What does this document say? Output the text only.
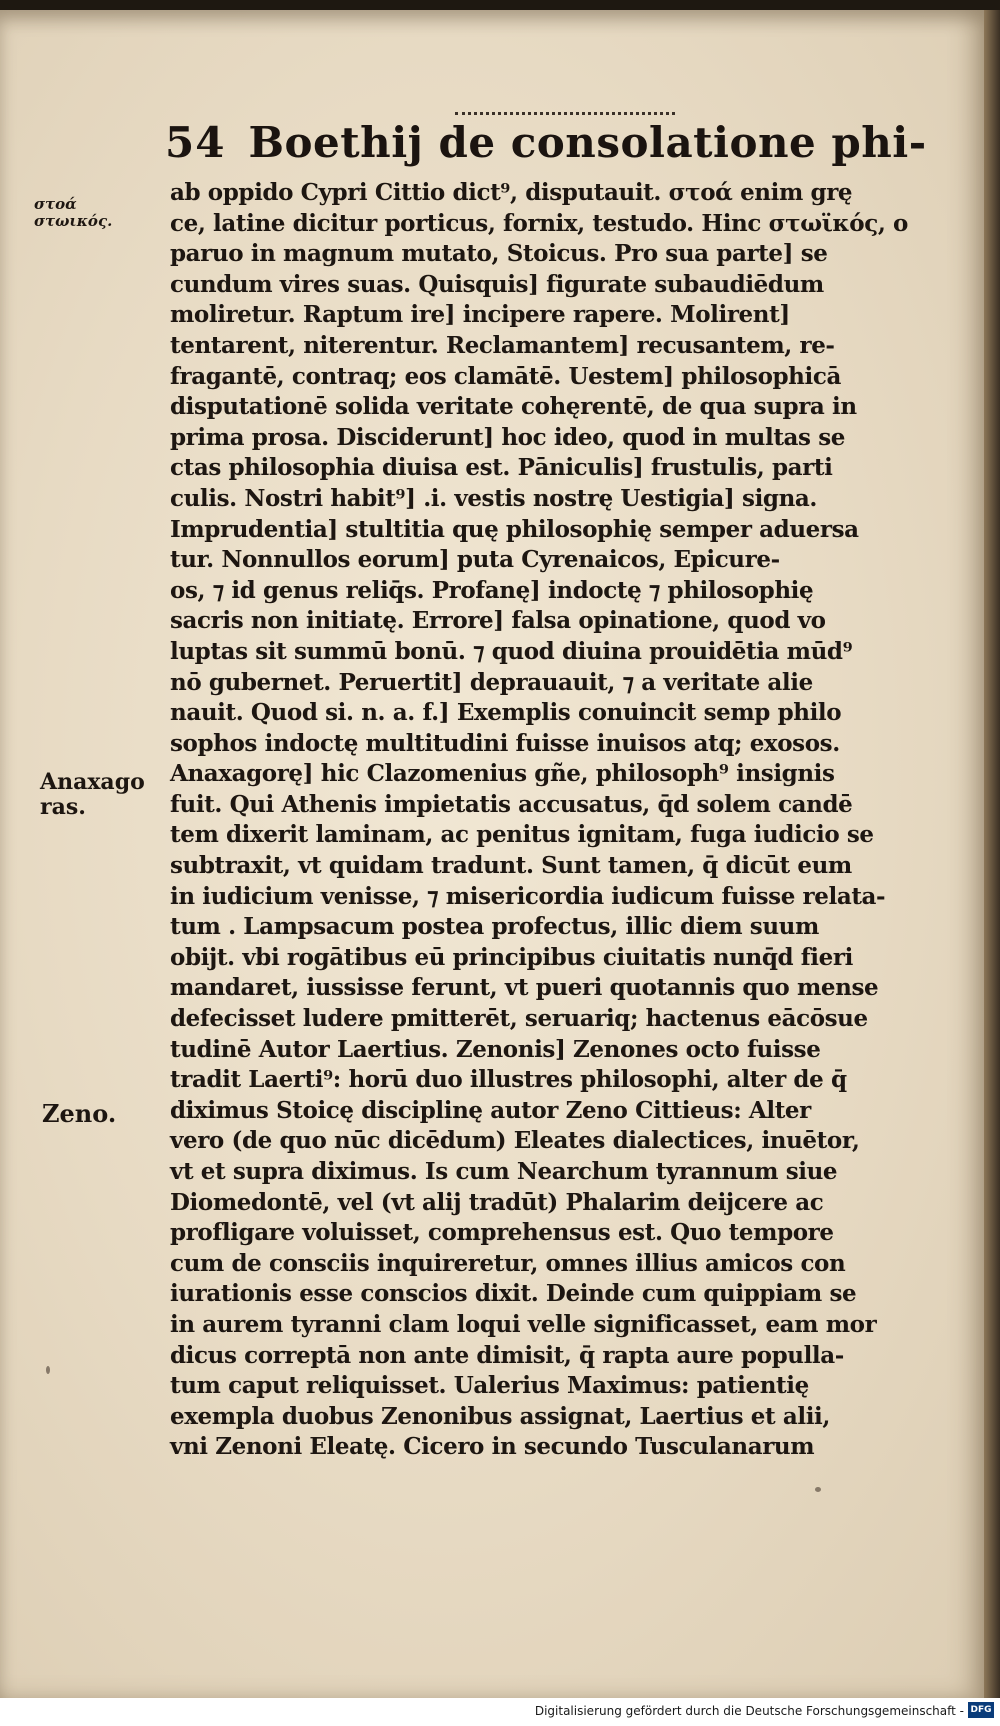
54 Boethij de consolatione phi-
στοά
στωικός.
Anaxago
ras.
Zeno.
ab oppido Cypri Cittio dict⁹, disputauit. στοά enim grę
ce, latine dicitur porticus, fornix, testudo. Hinc στωϊκός, o
paruo in magnum mutato, Stoicus. Pro sua parte] se
cundum vires suas. Quisquis] figurate subaudiēdum
moliretur. Raptum ire] incipere rapere. Molirent]
tentarent, niterentur. Reclamantem] recusantem, re-
fragantē, contraq; eos clamātē. Uestem] philosophicā
disputationē solida veritate cohęrentē, de qua supra in
prima prosa. Disciderunt] hoc ideo, quod in multas se
ctas philosophia diuisa est. Pāniculis] frustulis, parti
culis. Nostri habit⁹] .i. vestis nostrę Uestigia] signa.
Imprudentia] stultitia quę philosophię semper aduersa
tur. Nonnullos eorum] puta Cyrenaicos, Epicure-
os, ⁊ id genus reliq̄s. Profanę] indoctę ⁊ philosophię
sacris non initiatę. Errore] falsa opinatione, quod vo
luptas sit summū bonū. ⁊ quod diuina prouidētia mūd⁹
nō gubernet. Peruertit] deprauauit, ⁊ a veritate alie
nauit. Quod si. n. a. f.] Exemplis conuincit semp philo
sophos indoctę multitudini fuisse inuisos atq; exosos.
Anaxagorę] hic Clazomenius gñe, philosoph⁹ insignis
fuit. Qui Athenis impietatis accusatus, q̄d solem candē
tem dixerit laminam, ac penitus ignitam, fuga iudicio se
subtraxit, vt quidam tradunt. Sunt tamen, q̄ dicūt eum
in iudicium venisse, ⁊ misericordia iudicum fuisse relata-
tum . Lampsacum postea profectus, illic diem suum
obijt. vbi rogātibus eū principibus ciuitatis nunq̄d fieri
mandaret, iussisse ferunt, vt pueri quotannis quo mense
defecisset ludere pmitterēt, seruariq; hactenus eācōsue
tudinē Autor Laertius. Zenonis] Zenones octo fuisse
tradit Laerti⁹: horū duo illustres philosophi, alter de q̄
diximus Stoicę disciplinę autor Zeno Cittieus: Alter
vero (de quo nūc dicēdum) Eleates dialectices, inuētor,
vt et supra diximus. Is cum Nearchum tyrannum siue
Diomedontē, vel (vt alij tradūt) Phalarim deijcere ac
profligare voluisset, comprehensus est. Quo tempore
cum de consciis inquireretur, omnes illius amicos con
iurationis esse conscios dixit. Deinde cum quippiam se
in aurem tyranni clam loqui velle significasset, eam mor
dicus correptā non ante dimisit, q̄ rapta aure populla-
tum caput reliquisset. Ualerius Maximus: patientię
exempla duobus Zenonibus assignat, Laertius et alii,
vni Zenoni Eleatę. Cicero in secundo Tusculanarum
Digitalisierung gefördert durch die Deutsche Forschungsgemeinschaft - DFG
